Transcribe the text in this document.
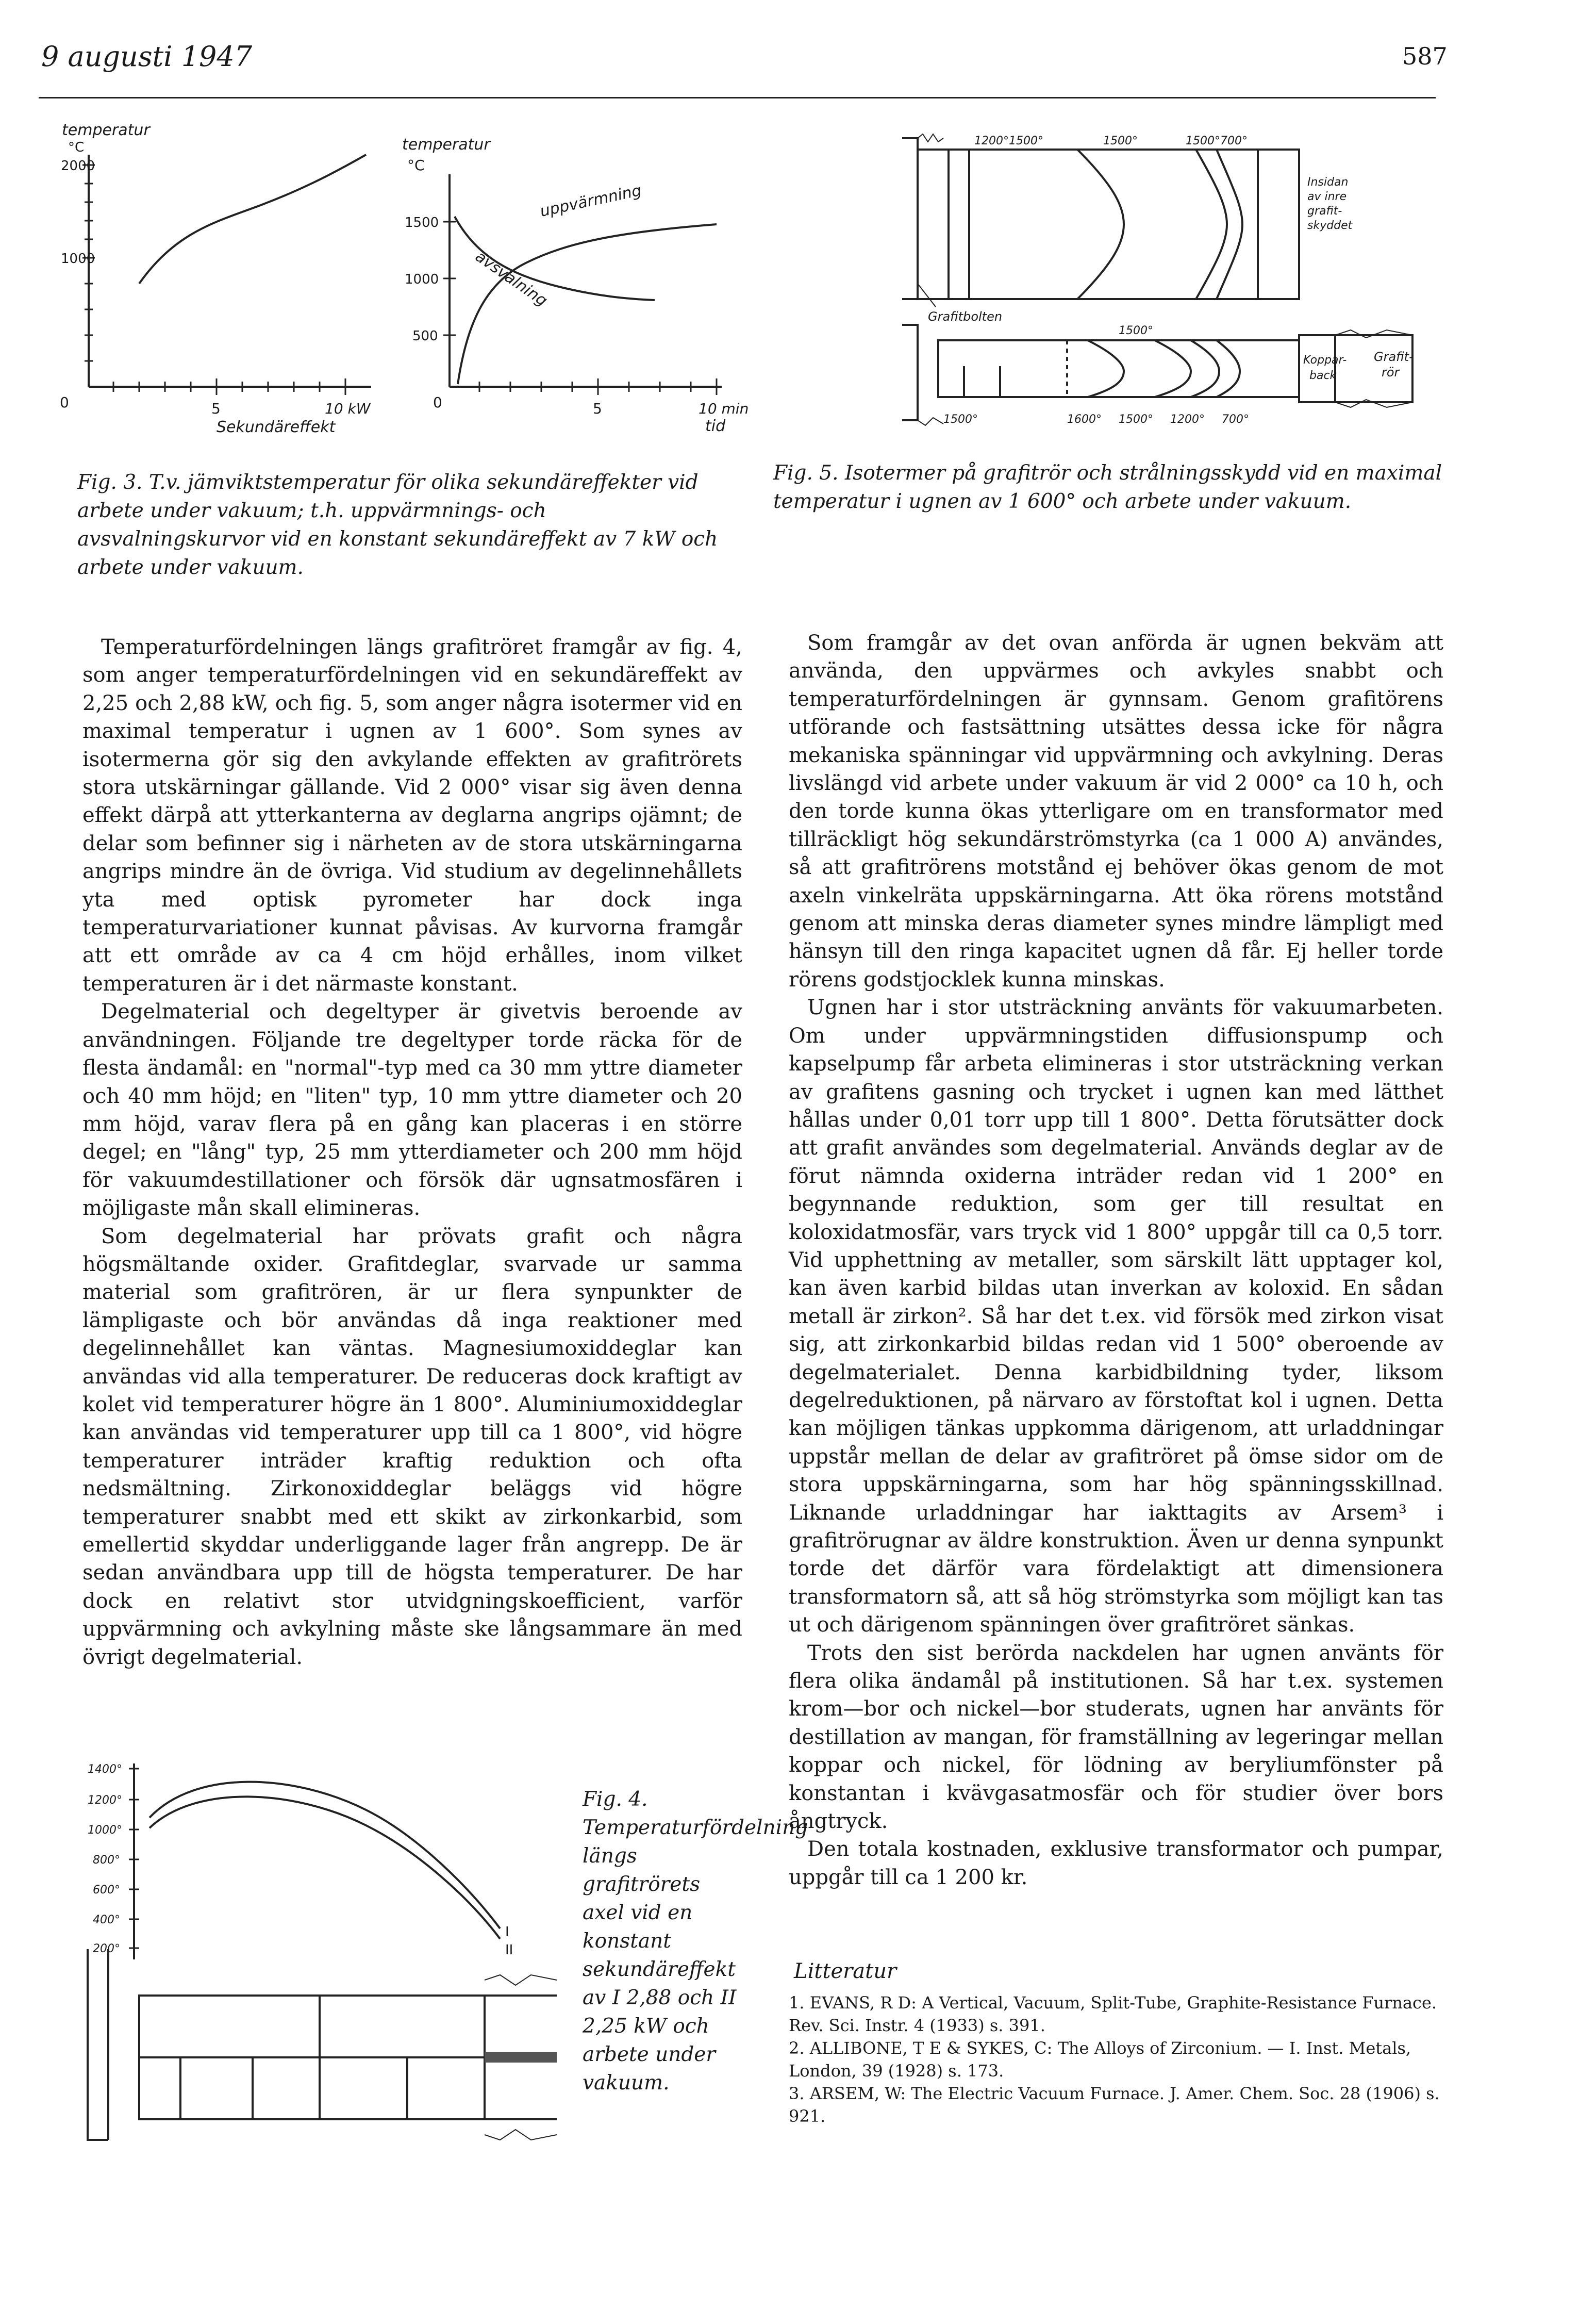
9 augusti 1947	587
temperatur
°C
2000
1000
0	5	10 kW
Sekundäreffekt
temperatur
°C
1500
1000
500
0	5	10 min
tid
uppvärmning
avsvalning
Fig. 3. T.v. jämviktstemperatur för olika sekundäreffekter vid arbete under vakuum; t.h. uppvärmnings- och avsvalningskurvor vid en konstant sekundäreffekt av 7 kW och arbete under vakuum.
1200°1500°	1500°	1500°700°
Insidan
av inre
grafit-
skyddet
Grafitbolten
1500°
Koppar-
back
Grafit-
rör
1500°	1600° 1500° 1200° 700°
Fig. 5. Isotermer på grafitrör och strålningsskydd vid en maximal temperatur i ugnen av 1 600° och arbete under vakuum.

Temperaturfördelningen längs grafitröret framgår av fig. 4, som anger temperaturfördelningen vid en sekundäreffekt av 2,25 och 2,88 kW, och fig. 5, som anger några isotermer vid en maximal temperatur i ugnen av 1 600°. Som synes av isotermerna gör sig den avkylande effekten av grafitrörets stora utskärningar gällande. Vid 2 000° visar sig även denna effekt därpå att ytterkanterna av deglarna angrips ojämnt; de delar som befinner sig i närheten av de stora utskärningarna angrips mindre än de övriga. Vid studium av degelinnehållets yta med optisk pyrometer har dock inga temperaturvariationer kunnat påvisas. Av kurvorna framgår att ett område av ca 4 cm höjd erhålles, inom vilket temperaturen är i det närmaste konstant.

Degelmaterial och degeltyper är givetvis beroende av användningen. Följande tre degeltyper torde räcka för de flesta ändamål: en "normal"-typ med ca 30 mm yttre diameter och 40 mm höjd; en "liten" typ, 10 mm yttre diameter och 20 mm höjd, varav flera på en gång kan placeras i en större degel; en "lång" typ, 25 mm ytterdiameter och 200 mm höjd för vakuumdestillationer och försök där ugnsatmosfären i möjligaste mån skall elimineras.

Som degelmaterial har prövats grafit och några högsmältande oxider. Grafitdeglar, svarvade ur samma material som grafitrören, är ur flera synpunkter de lämpligaste och bör användas då inga reaktioner med degelinnehållet kan väntas. Magnesiumoxiddeglar kan användas vid alla temperaturer. De reduceras dock kraftigt av kolet vid temperaturer högre än 1 800°. Aluminiumoxiddeglar kan användas vid temperaturer upp till ca 1 800°, vid högre temperaturer inträder kraftig reduktion och ofta nedsmältning. Zirkonoxiddeglar beläggs vid högre temperaturer snabbt med ett skikt av zirkonkarbid, som emellertid skyddar underliggande lager från angrepp. De är sedan användbara upp till de högsta temperaturer. De har dock en relativt stor utvidgningskoefficient, varför uppvärmning och avkylning måste ske långsammare än med övrigt degelmaterial.

1400°
1200°
1000°
800°
600°
400°
200°
I
II
Fig. 4. Temperaturfördelning längs grafitrörets axel vid en konstant sekundäreffekt av I 2,88 och II 2,25 kW och arbete under vakuum.

Som framgår av det ovan anförda är ugnen bekväm att använda, den uppvärmes och avkyles snabbt och temperaturfördelningen är gynnsam. Genom grafitörens utförande och fastsättning utsättes dessa icke för några mekaniska spänningar vid uppvärmning och avkylning. Deras livslängd vid arbete under vakuum är vid 2 000° ca 10 h, och den torde kunna ökas ytterligare om en transformator med tillräckligt hög sekundärströmstyrka (ca 1 000 A) användes, så att grafitrörens motstånd ej behöver ökas genom de mot axeln vinkelräta uppskärningarna. Att öka rörens motstånd genom att minska deras diameter synes mindre lämpligt med hänsyn till den ringa kapacitet ugnen då får. Ej heller torde rörens godstjocklek kunna minskas.

Ugnen har i stor utsträckning använts för vakuumarbeten. Om under uppvärmningstiden diffusionspump och kapselpump får arbeta elimineras i stor utsträckning verkan av grafitens gasning och trycket i ugnen kan med lätthet hållas under 0,01 torr upp till 1 800°. Detta förutsätter dock att grafit användes som degelmaterial. Används deglar av de förut nämnda oxiderna inträder redan vid 1 200° en begynnande reduktion, som ger till resultat en koloxidatmosfär, vars tryck vid 1 800° uppgår till ca 0,5 torr. Vid upphettning av metaller, som särskilt lätt upptager kol, kan även karbid bildas utan inverkan av koloxid. En sådan metall är zirkon². Så har det t.ex. vid försök med zirkon visat sig, att zirkonkarbid bildas redan vid 1 500° oberoende av degelmaterialet. Denna karbidbildning tyder, liksom degelreduktionen, på närvaro av förstoftat kol i ugnen. Detta kan möjligen tänkas uppkomma därigenom, att urladdningar uppstår mellan de delar av grafitröret på ömse sidor om de stora uppskärningarna, som har hög spänningsskillnad. Liknande urladdningar har iakttagits av Arsem³ i grafitrörugnar av äldre konstruktion. Även ur denna synpunkt torde det därför vara fördelaktigt att dimensionera transformatorn så, att så hög strömstyrka som möjligt kan tas ut och därigenom spänningen över grafitröret sänkas.

Trots den sist berörda nackdelen har ugnen använts för flera olika ändamål på institutionen. Så har t.ex. systemen krom—bor och nickel—bor studerats, ugnen har använts för destillation av mangan, för framställning av legeringar mellan koppar och nickel, för lödning av beryliumfönster på konstantan i kvävgasatmosfär och för studier över bors ångtryck.

Den totala kostnaden, exklusive transformator och pumpar, uppgår till ca 1 200 kr.

Litteratur
1. EVANS, R D: A Vertical, Vacuum, Split-Tube, Graphite-Resistance Furnace. Rev. Sci. Instr. 4 (1933) s. 391.
2. ALLIBONE, T E & SYKES, C: The Alloys of Zirconium. — I. Inst. Metals, London, 39 (1928) s. 173.
3. ARSEM, W: The Electric Vacuum Furnace. J. Amer. Chem. Soc. 28 (1906) s. 921.
